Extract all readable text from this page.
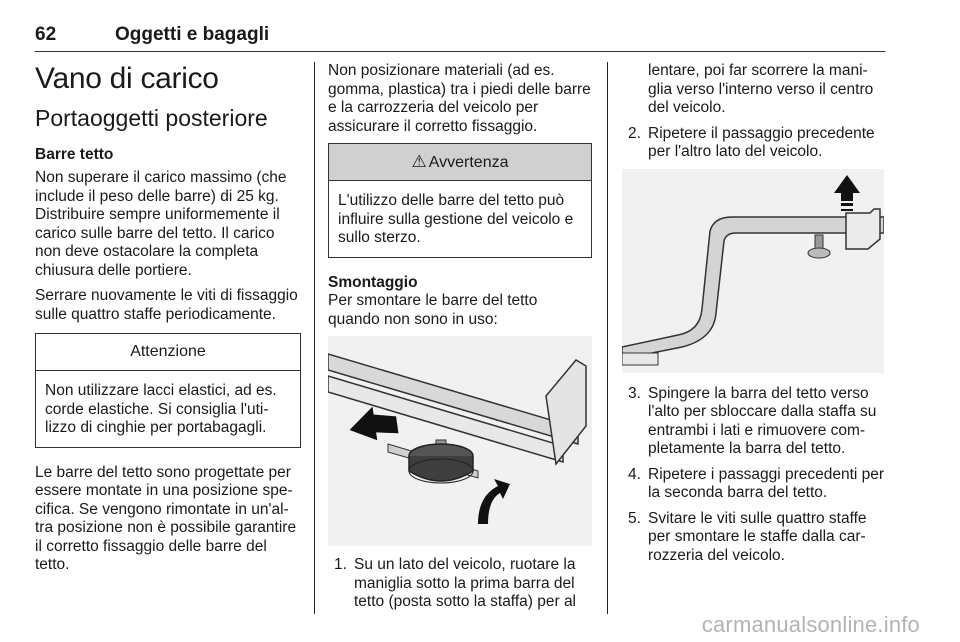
62	Oggetti e bagagli
Vano di carico
Portaoggetti posteriore
Barre tetto

Non superare il carico massimo (che include il peso delle barre) di 25 kg. Distribuire sempre uniformemente il carico sulle barre del tetto. Il carico non deve ostacolare la completa chiusura delle portiere.

Serrare nuovamente le viti di fissaggio sulle quattro staffe periodicamente.

Attenzione
Non utilizzare lacci elastici, ad es. corde elastiche. Si consiglia l'utilizzo di cinghie per portabagagli.

Le barre del tetto sono progettate per essere montate in una posizione specifica. Se vengono rimontate in un'altra posizione non è possibile garantire il corretto fissaggio delle barre del tetto.

Non posizionare materiali (ad es. gomma, plastica) tra i piedi delle barre e la carrozzeria del veicolo per assicurare il corretto fissaggio.

⚠ Avvertenza
L'utilizzo delle barre del tetto può influire sulla gestione del veicolo e sullo sterzo.

Smontaggio

Per smontare le barre del tetto quando non sono in uso:

1. Su un lato del veicolo, ruotare la maniglia sotto la prima barra del tetto (posta sotto la staffa) per al

lentare, poi far scorrere la maniglia verso l'interno verso il centro del veicolo.

2. Ripetere il passaggio precedente per l'altro lato del veicolo.
3. Spingere la barra del tetto verso l'alto per sbloccare dalla staffa su entrambi i lati e rimuovere completamente la barra del tetto.
4. Ripetere i passaggi precedenti per la seconda barra del tetto.
5. Svitare le viti sulle quattro staffe per smontare le staffe dalla carrozzeria del veicolo.
carmanualsonline.info
